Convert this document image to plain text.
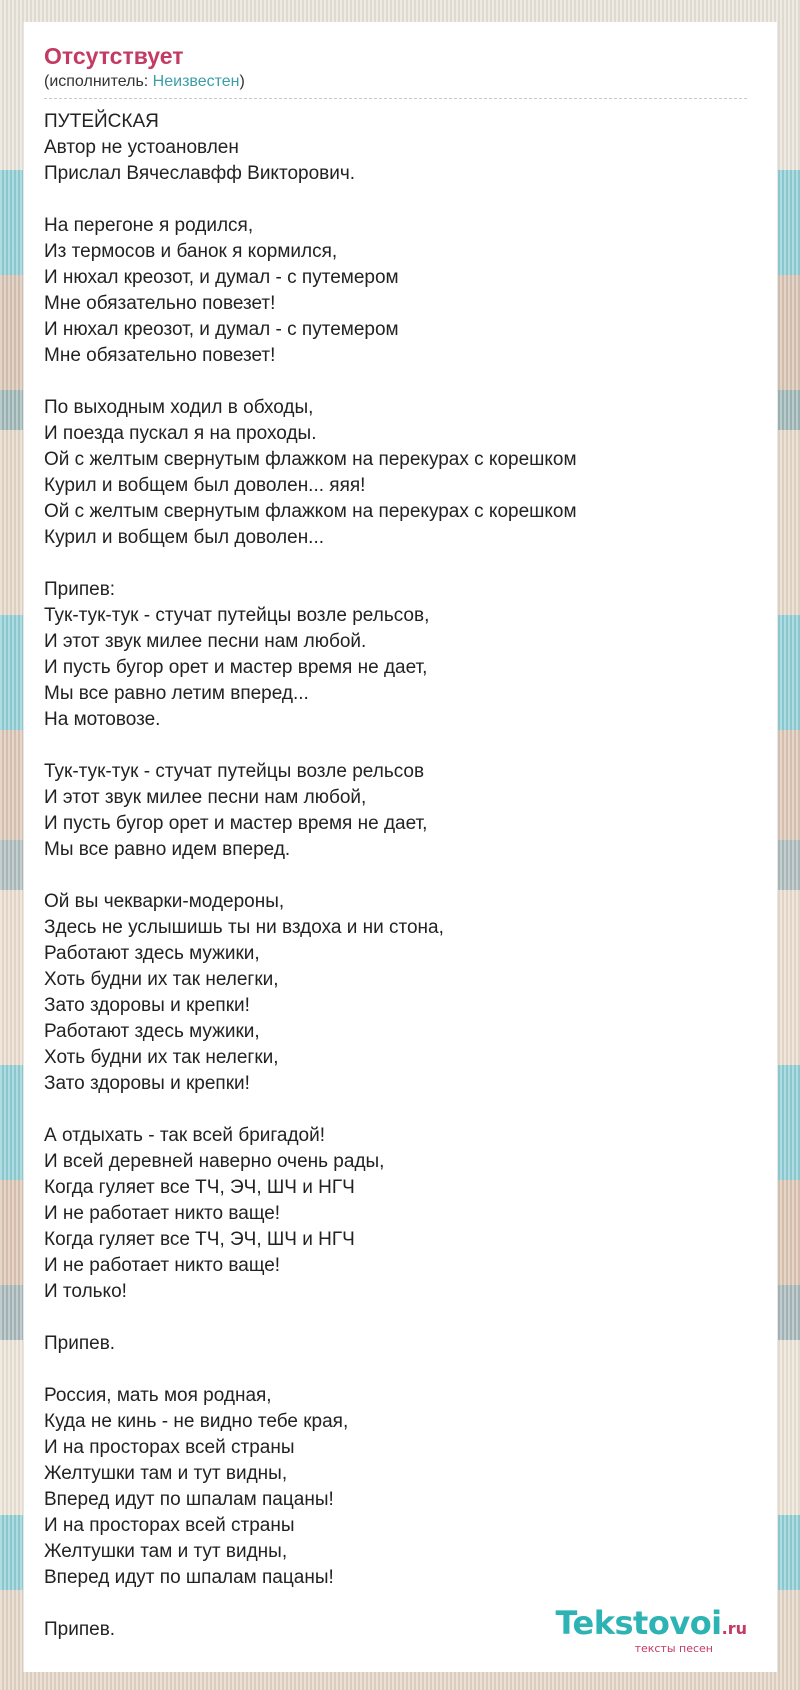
Отсутствует
(исполнитель: Неизвестен)
ПУТЕЙСКАЯ
Автор не устоановлен
Прислал Вячеславфф Викторович.
На перегоне я родился,
Из термосов и банок я кормился,
И нюхал креозот, и думал - с путемером
Мне обязательно повезет!
И нюхал креозот, и думал - с путемером
Мне обязательно повезет!
По выходным ходил в обходы,
И поезда пускал я на проходы.
Ой с желтым свернутым флажком на перекурах с корешком
Курил и вобщем был доволен... яяя!
Ой с желтым свернутым флажком на перекурах с корешком
Курил и вобщем был доволен...
Припев:
Тук-тук-тук - стучат путейцы возле рельсов,
И этот звук милее песни нам любой.
И пусть бугор орет и мастер время не дает,
Мы все равно летим вперед...
На мотовозе.
Тук-тук-тук - стучат путейцы возле рельсов
И этот звук милее песни нам любой,
И пусть бугор орет и мастер время не дает,
Мы все равно идем вперед.
Ой вы чекварки-модероны,
Здесь не услышишь ты ни вздоха и ни стона,
Работают здесь мужики,
Хоть будни их так нелегки,
Зато здоровы и крепки!
Работают здесь мужики,
Хоть будни их так нелегки,
Зато здоровы и крепки!
А отдыхать - так всей бригадой!
И всей деревней наверно очень рады,
Когда гуляет все ТЧ, ЭЧ, ШЧ и НГЧ
И не работает никто ваще!
Когда гуляет все ТЧ, ЭЧ, ШЧ и НГЧ
И не работает никто ваще!
И только!
Припев.
Россия, мать моя родная,
Куда не кинь - не видно тебе края,
И на просторах всей страны
Желтушки там и тут видны,
Вперед идут по шпалам пацаны!
И на просторах всей страны
Желтушки там и тут видны,
Вперед идут по шпалам пацаны!
Припев.	Tekstovoi.ru
тексты песен
